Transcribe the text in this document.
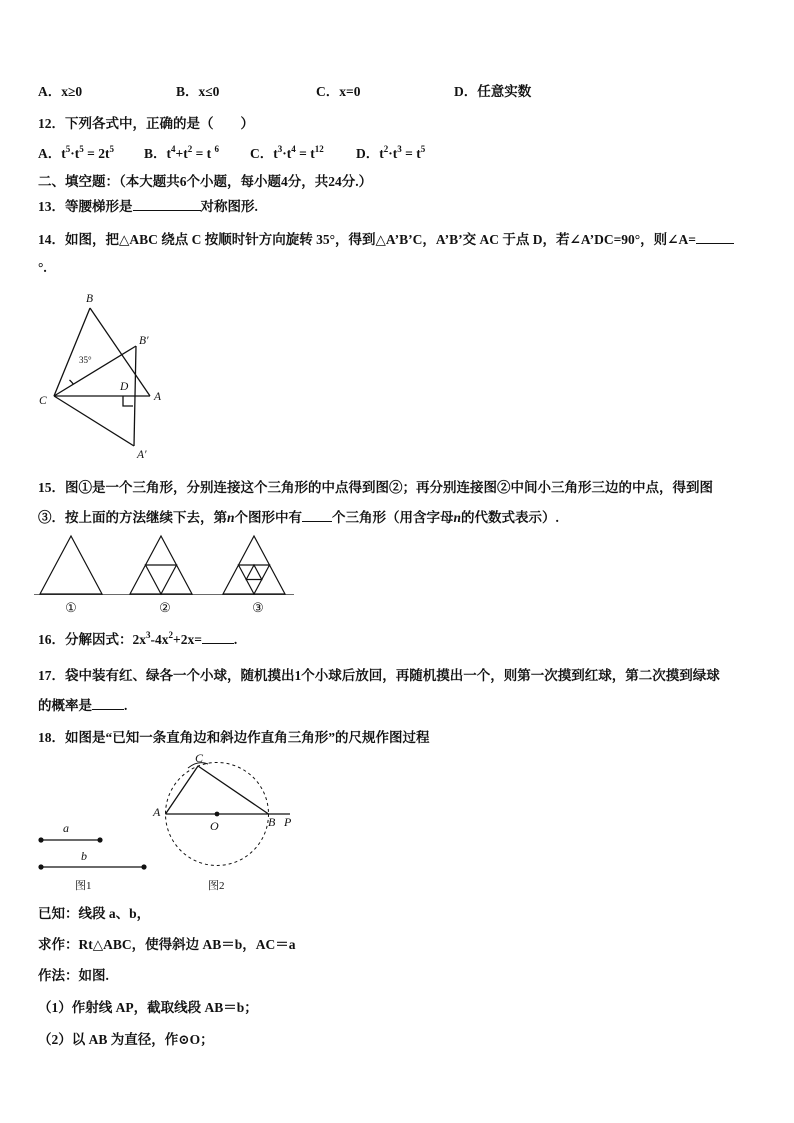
A．x≥0	B．x≤0	C．x=0	D．任意实数
12．下列各式中，正确的是（　　）
A．$t^5\cdot t^5 = 2t^5$ B．$t^4+t^2 = t$ $^6$ C．$t^3\cdot t^4 = t^{12}$ D．$t^2\cdot t^3 = t^5$
二、填空题：（本大题共6个小题，每小题4分，共24分.）
13．等腰梯形是	对称图形.
14．如图，把△ABC 绕点 C 按顺时针方向旋转 35°，得到△A’B’C，A’B’交 AC 于点 D，若∠A’DC=90°，则∠A=
°.
B
B′
C
D
A
A′
35°
15．图①是一个三角形，分别连接这个三角形的中点得到图②；再分别连接图②中间小三角形三边的中点，得到图
③．按上面的方法继续下去，第n个图形中有 个三角形（用含字母n的代数式表示）.
①	②	③
16．分解因式：$2x^3-4x^2+2x=$ .
17．袋中装有红、绿各一个小球，随机摸出1个小球后放回，再随机摸出一个，则第一次摸到红球，第二次摸到绿球
的概率是 .
18．如图是“已知一条直角边和斜边作直角三角形”的尺规作图过程
a
b
图1
A
C
O	B P
图2
已知：线段 a、b，
求作：Rt△ABC，使得斜边 AB＝b，AC＝a
作法：如图.
（1）作射线 AP，截取线段 AB＝b；
（2）以 AB 为直径，作⊙O；
